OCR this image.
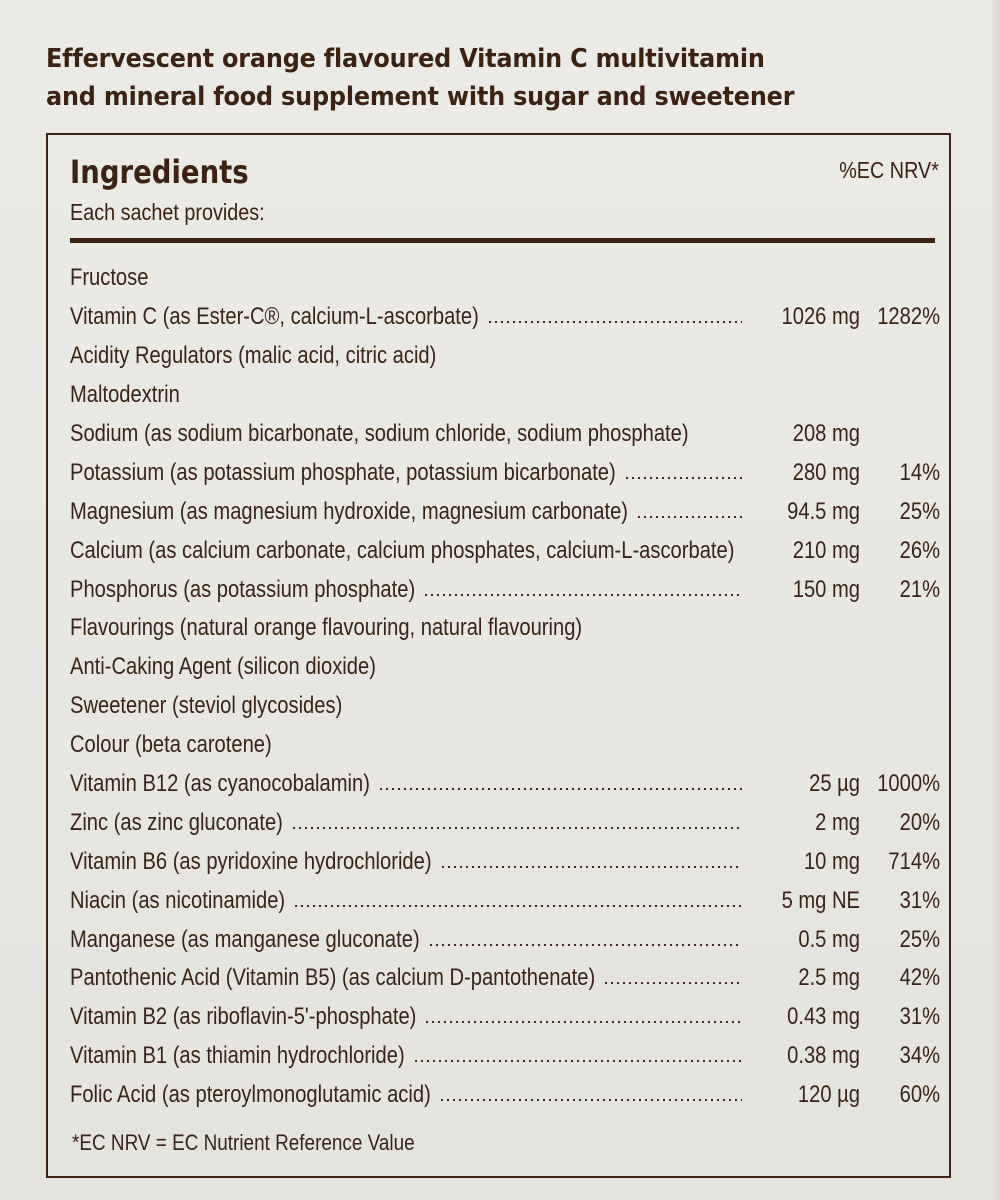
Effervescent orange flavoured Vitamin C multivitamin
and mineral food supplement with sugar and sweetener
Ingredients
Each sachet provides:
%EC NRV*
Fructose
Vitamin C (as Ester-C®, calcium-L-ascorbate)	1026 mg 1282%
Acidity Regulators (malic acid, citric acid)
Maltodextrin
Sodium (as sodium bicarbonate, sodium chloride, sodium phosphate)	208 mg
Potassium (as potassium phosphate, potassium bicarbonate)	280 mg	14%
Magnesium (as magnesium hydroxide, magnesium carbonate)	94.5 mg	25%
Calcium (as calcium carbonate, calcium phosphates, calcium-L-ascorbate)	210 mg	26%
Phosphorus (as potassium phosphate)	150 mg	21%
Flavourings (natural orange flavouring, natural flavouring)
Anti-Caking Agent (silicon dioxide)
Sweetener (steviol glycosides)
Colour (beta carotene)
Vitamin B12 (as cyanocobalamin)	25 µg 1000%
Zinc (as zinc gluconate)	2 mg	20%
Vitamin B6 (as pyridoxine hydrochloride)	10 mg	714%
Niacin (as nicotinamide)	5 mg NE	31%
Manganese (as manganese gluconate)	0.5 mg	25%
Pantothenic Acid (Vitamin B5) (as calcium D-pantothenate)	2.5 mg	42%
Vitamin B2 (as riboflavin-5'-phosphate)	0.43 mg	31%
Vitamin B1 (as thiamin hydrochloride)	0.38 mg	34%
Folic Acid (as pteroylmonoglutamic acid)	120 µg	60%
*EC NRV = EC Nutrient Reference Value
